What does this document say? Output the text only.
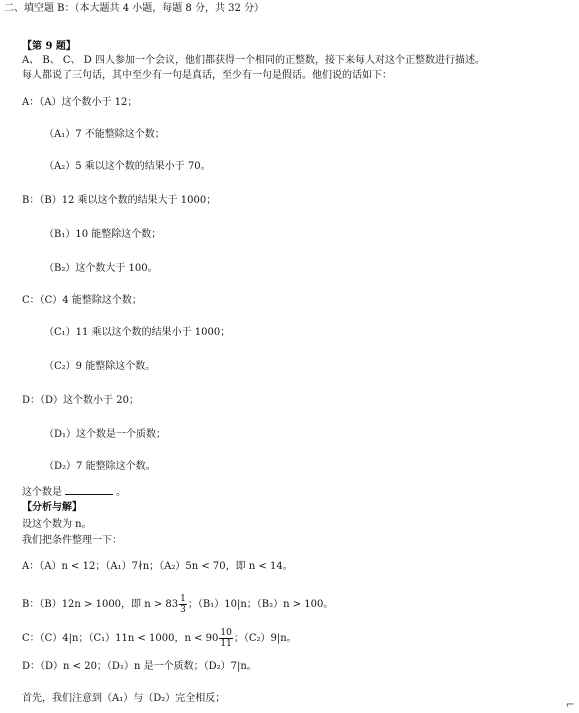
二、填空题 B：（本大题共 4 小题，每题 8 分，共 32 分）
【第 9 题】
A、 B、 C、 D 四人参加一个会议，他们都获得一个相同的正整数，接下来每人对这个正整数进行描述。
每人都说了三句话，其中至少有一句是真话，至少有一句是假话。他们说的话如下：
A：（A）这个数小于 12；
（A₁）7 不能整除这个数；
（A₂）5 乘以这个数的结果小于 70。
B：（B）12 乘以这个数的结果大于 1000；
（B₁）10 能整除这个数；
（B₂）这个数大于 100。
C：（C）4 能整除这个数；
（C₁）11 乘以这个数的结果小于 1000；
（C₂）9 能整除这个数。
D：（D）这个数小于 20；
（D₁）这个数是一个质数；
（D₂）7 能整除这个数。
这个数是	。
【分析与解】
设这个数为 n。
我们把条件整理一下：
A：（A）n < 12；（A₁）7∤n；（A₂）5n < 70，即 n < 14。
B：（B）12n > 1000，即 $n > 83 \frac{1}{3}$ ；（B₁）10|n；（B₂）n > 100。
C：（C）4|n；（C₁）11n < 1000，$n < 90 \frac{10}{11}$ ；（C₂）9|n。
D：（D）n < 20；（D₁）n 是一个质数；（D₂）7|n。
首先，我们注意到（A₁）与（D₂）完全相反；	⌐
